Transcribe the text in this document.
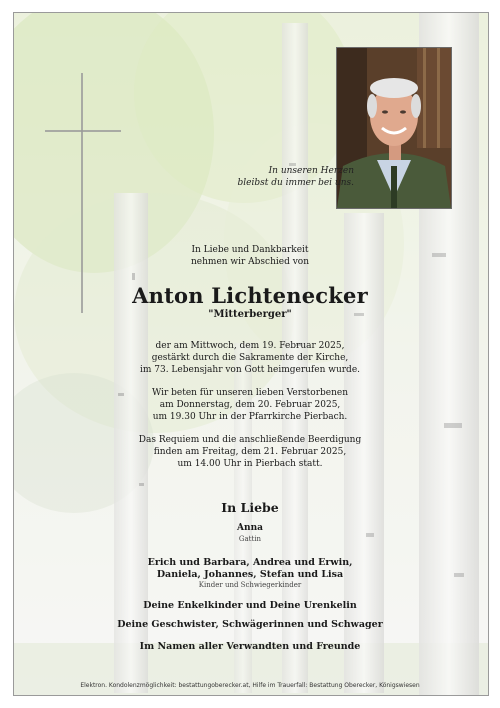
In unseren Herzen
bleibst du immer bei uns.
In Liebe und Dankbarkeit
nehmen wir Abschied von
Anton Lichtenecker
"Mitterberger"
der am Mittwoch, dem 19. Februar 2025,
gestärkt durch die Sakramente der Kirche,
im 73. Lebensjahr von Gott heimgerufen wurde.
Wir beten für unseren lieben Verstorbenen
am Donnerstag, dem 20. Februar 2025,
um 19.30 Uhr in der Pfarrkirche Pierbach.
Das Requiem und die anschließende Beerdigung
finden am Freitag, dem 21. Februar 2025,
um 14.00 Uhr in Pierbach statt.
In Liebe
Anna
Gattin
Erich und Barbara, Andrea und Erwin,
Daniela, Johannes, Stefan und Lisa
Kinder und Schwiegerkinder
Deine Enkelkinder und Deine Urenkelin
Deine Geschwister, Schwägerinnen und Schwager
Im Namen aller Verwandten und Freunde
Elektron. Kondolenzmöglichkeit: bestattungoberecker.at, Hilfe im Trauerfall: Bestattung Oberecker, Königswiesen
